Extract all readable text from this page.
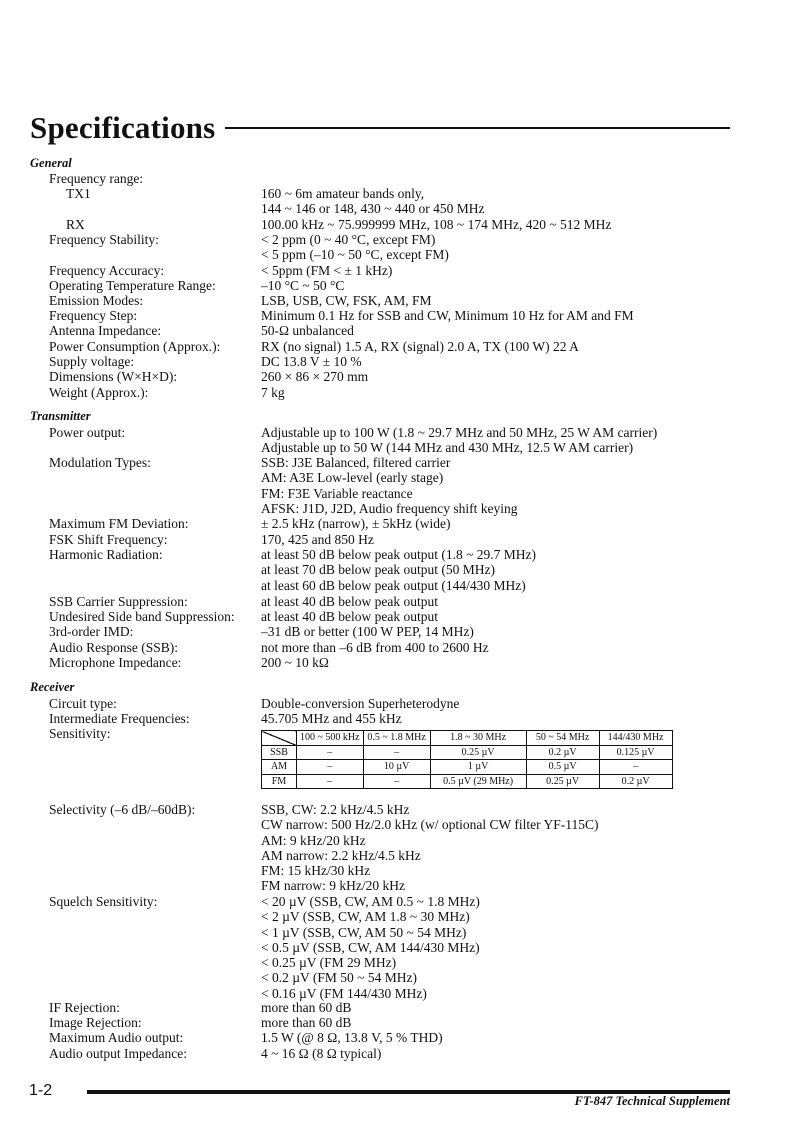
Specifications
General
Frequency range:
TX1	160 ~ 6m amateur bands only,
144 ~ 146 or 148, 430 ~ 440 or 450 MHz
RX	100.00 kHz ~ 75.999999 MHz, 108 ~ 174 MHz, 420 ~ 512 MHz
Frequency Stability:	< 2 ppm (0 ~ 40 °C, except FM)
< 5 ppm (–10 ~ 50 °C, except FM)
Frequency Accuracy:	< 5ppm (FM < ± 1 kHz)
Operating Temperature Range:	–10 °C ~ 50 °C
Emission Modes:	LSB, USB, CW, FSK, AM, FM
Frequency Step:	Minimum 0.1 Hz for SSB and CW, Minimum 10 Hz for AM and FM
Antenna Impedance:	50-Ω unbalanced
Power Consumption (Approx.):	RX (no signal) 1.5 A, RX (signal) 2.0 A, TX (100 W) 22 A
Supply voltage:	DC 13.8 V ± 10 %
Dimensions (W×H×D):	260 × 86 × 270 mm
Weight (Approx.):	7 kg
Transmitter
Power output:	Adjustable up to 100 W (1.8 ~ 29.7 MHz and 50 MHz, 25 W AM carrier)
Adjustable up to 50 W (144 MHz and 430 MHz, 12.5 W AM carrier)
Modulation Types:	SSB: J3E Balanced, filtered carrier
AM: A3E Low-level (early stage)
FM: F3E Variable reactance
AFSK: J1D, J2D, Audio frequency shift keying
Maximum FM Deviation:	± 2.5 kHz (narrow), ± 5kHz (wide)
FSK Shift Frequency:	170, 425 and 850 Hz
Harmonic Radiation:	at least 50 dB below peak output (1.8 ~ 29.7 MHz)
at least 70 dB below peak output (50 MHz)
at least 60 dB below peak output (144/430 MHz)
SSB Carrier Suppression:	at least 40 dB below peak output
Undesired Side band Suppression: at least 40 dB below peak output
3rd-order IMD:	–31 dB or better (100 W PEP, 14 MHz)
Audio Response (SSB):	not more than –6 dB from 400 to 2600 Hz
Microphone Impedance:	200 ~ 10 kΩ
Receiver
Circuit type:	Double-conversion Superheterodyne
Intermediate Frequencies:	45.705 MHz and 455 kHz
Sensitivity:
		100 ~ 500 kHz	0.5 ~ 1.8 MHz	1.8 ~ 30 MHz	50 ~ 54 MHz	144/430 MHz
SSB	–	–	0.25 µV	0.2 µV	0.125 µV
AM	–	10 µV	1 µV	0.5 µV	–
FM	–	–	0.5 µV (29 MHz)	0.25 µV	0.2 µV
Selectivity (–6 dB/–60dB):	SSB, CW: 2.2 kHz/4.5 kHz
CW narrow: 500 Hz/2.0 kHz (w/ optional CW filter YF-115C)
AM: 9 kHz/20 kHz
AM narrow: 2.2 kHz/4.5 kHz
FM: 15 kHz/30 kHz
FM narrow: 9 kHz/20 kHz
Squelch Sensitivity:	< 20 µV (SSB, CW, AM 0.5 ~ 1.8 MHz)
< 2 µV (SSB, CW, AM 1.8 ~ 30 MHz)
< 1 µV (SSB, CW, AM 50 ~ 54 MHz)
< 0.5 µV (SSB, CW, AM 144/430 MHz)
< 0.25 µV (FM 29 MHz)
< 0.2 µV (FM 50 ~ 54 MHz)
< 0.16 µV (FM 144/430 MHz)
IF Rejection:	more than 60 dB
Image Rejection:	more than 60 dB
Maximum Audio output:	1.5 W (@ 8 Ω, 13.8 V, 5 % THD)
Audio output Impedance:	4 ~ 16 Ω (8 Ω typical)
1-2
FT-847 Technical Supplement
